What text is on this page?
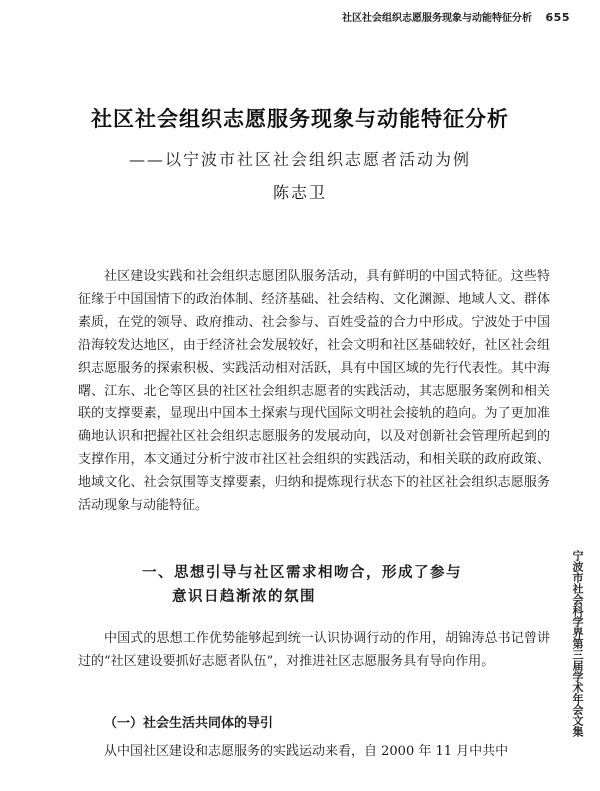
社区社会组织志愿服务现象与动能特征分析 655
社区社会组织志愿服务现象与动能特征分析
——以宁波市社区社会组织志愿者活动为例
陈志卫

社区建设实践和社会组织志愿团队服务活动，具有鲜明的中国式特征。这些特征缘于中国国情下的政治体制、经济基础、社会结构、文化渊源、地域人文、群体素质，在党的领导、政府推动、社会参与、百姓受益的合力中形成。宁波处于中国沿海较发达地区，由于经济社会发展较好，社会文明和社区基础较好，社区社会组织志愿服务的探索积极、实践活动相对活跃，具有中国区域的先行代表性。其中海曙、江东、北仑等区县的社区社会组织志愿者的实践活动，其志愿服务案例和相关联的支撑要素，显现出中国本土探索与现代国际文明社会接轨的趋向。为了更加准确地认识和把握社区社会组织志愿服务的发展动向，以及对创新社会管理所起到的支撑作用，本文通过分析宁波市社区社会组织的实践活动，和相关联的政府政策、地域文化、社会氛围等支撑要素，归纳和提炼现行状态下的社区社会组织志愿服务活动现象与动能特征。

一、思想引导与社区需求相吻合，形成了参与
意识日趋渐浓的氛围

中国式的思想工作优势能够起到统一认识协调行动的作用，胡锦涛总书记曾讲过的“社区建设要抓好志愿者队伍”，对推进社区志愿服务具有导向作用。

（一）社会生活共同体的导引

从中国社区建设和志愿服务的实践运动来看，自 2000 年 11 月中共中

宁波市社会科学界第三届学术年会文集
